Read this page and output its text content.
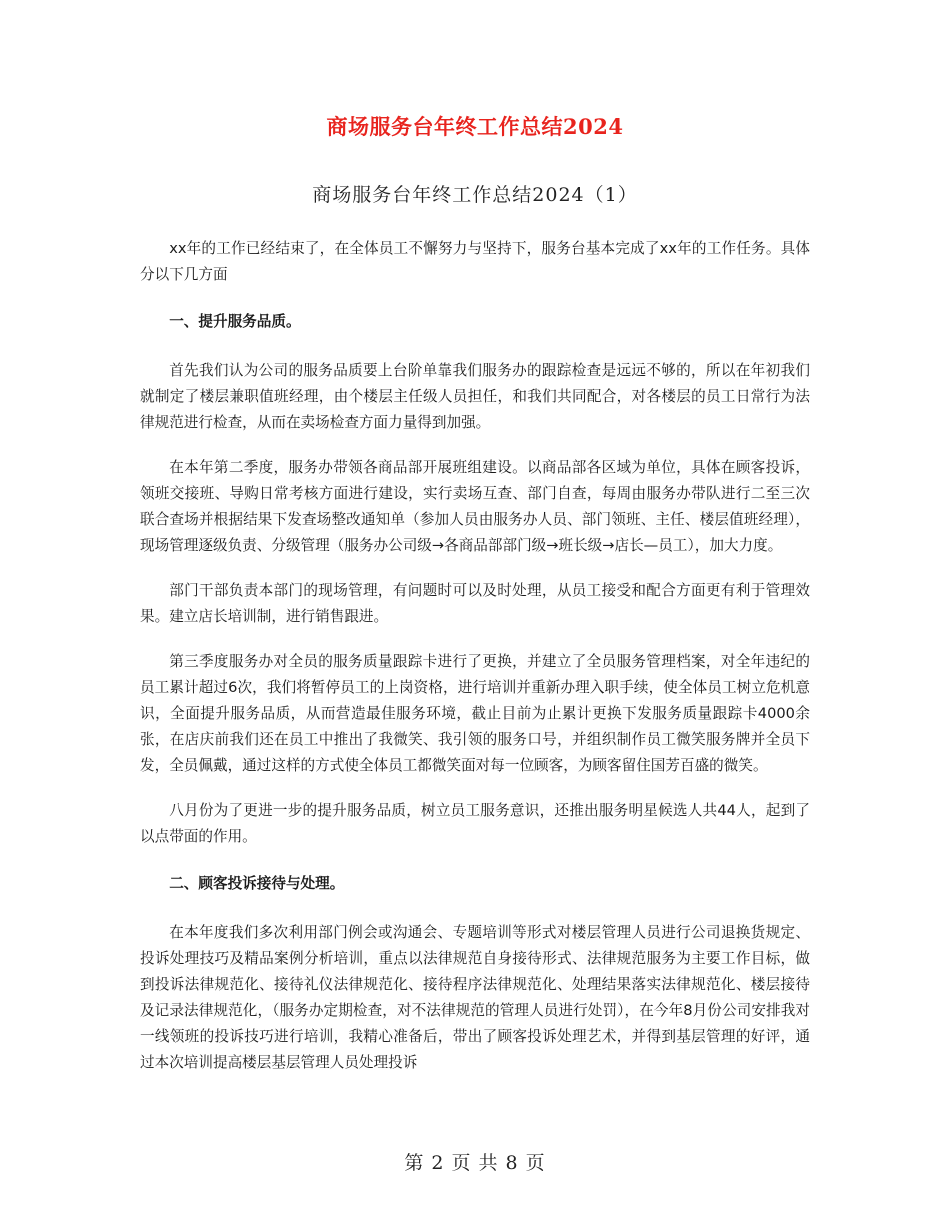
商场服务台年终工作总结2024
商场服务台年终工作总结2024（1）

xx年的工作已经结束了，在全体员工不懈努力与坚持下，服务台基本完成了xx年的工作任务。具体分以下几方面

一、提升服务品质。

首先我们认为公司的服务品质要上台阶单靠我们服务办的跟踪检查是远远不够的，所以在年初我们就制定了楼层兼职值班经理，由个楼层主任级人员担任，和我们共同配合，对各楼层的员工日常行为法律规范进行检查，从而在卖场检查方面力量得到加强。

在本年第二季度，服务办带领各商品部开展班组建设。以商品部各区域为单位，具体在顾客投诉，领班交接班、导购日常考核方面进行建设，实行卖场互查、部门自查，每周由服务办带队进行二至三次联合查场并根据结果下发查场整改通知单（参加人员由服务办人员、部门领班、主任、楼层值班经理），现场管理逐级负责、分级管理（服务办公司级→各商品部部门级→班长级→店长—员工），加大力度。

部门干部负责本部门的现场管理，有问题时可以及时处理，从员工接受和配合方面更有利于管理效果。建立店长培训制，进行销售跟进。

第三季度服务办对全员的服务质量跟踪卡进行了更换，并建立了全员服务管理档案，对全年违纪的员工累计超过6次，我们将暂停员工的上岗资格，进行培训并重新办理入职手续，使全体员工树立危机意识，全面提升服务品质，从而营造最佳服务环境，截止目前为止累计更换下发服务质量跟踪卡4000余张，在店庆前我们还在员工中推出了我微笑、我引领的服务口号，并组织制作员工微笑服务牌并全员下发，全员佩戴，通过这样的方式使全体员工都微笑面对每一位顾客，为顾客留住国芳百盛的微笑。

八月份为了更进一步的提升服务品质，树立员工服务意识，还推出服务明星候选人共44人，起到了以点带面的作用。

二、顾客投诉接待与处理。

在本年度我们多次利用部门例会或沟通会、专题培训等形式对楼层管理人员进行公司退换货规定、投诉处理技巧及精品案例分析培训，重点以法律规范自身接待形式、法律规范服务为主要工作目标，做到投诉法律规范化、接待礼仪法律规范化、接待程序法律规范化、处理结果落实法律规范化、楼层接待及记录法律规范化，（服务办定期检查，对不法律规范的管理人员进行处罚），在今年8月份公司安排我对一线领班的投诉技巧进行培训，我精心准备后，带出了顾客投诉处理艺术，并得到基层管理的好评，通过本次培训提高楼层基层管理人员处理投诉

第 2 页 共 8 页
